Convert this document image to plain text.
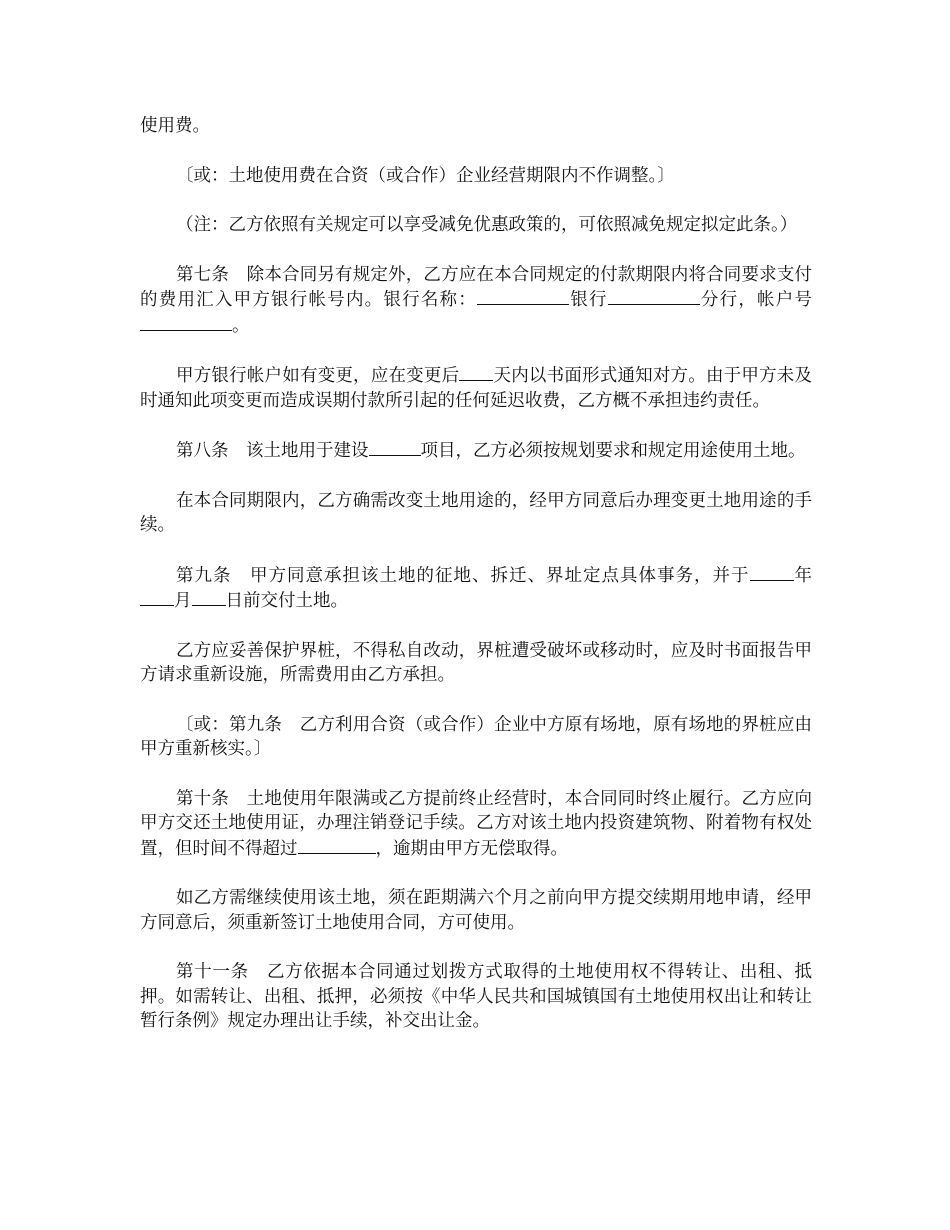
使用费。

〔或：土地使用费在合资（或合作）企业经营期限内不作调整。〕

（注：乙方依照有关规定可以享受减免优惠政策的，可依照减免规定拟定此条。）

第七条　除本合同另有规定外，乙方应在本合同规定的付款期限内将合同要求支付的费用汇入甲方银行帐号内。银行名称：	银行	分行，帐户号。

甲方银行帐户如有变更，应在变更后 天内以书面形式通知对方。由于甲方未及时通知此项变更而造成误期付款所引起的任何延迟收费，乙方概不承担违约责任。

第八条　该土地用于建设	项目，乙方必须按规划要求和规定用途使用土地。

在本合同期限内，乙方确需改变土地用途的，经甲方同意后办理变更土地用途的手续。

第九条　甲方同意承担该土地的征地、拆迁、界址定点具体事务，并于	年月 日前交付土地。

乙方应妥善保护界桩，不得私自改动，界桩遭受破坏或移动时，应及时书面报告甲方请求重新设施，所需费用由乙方承担。

〔或：第九条　乙方利用合资（或合作）企业中方原有场地，原有场地的界桩应由甲方重新核实。〕

第十条　土地使用年限满或乙方提前终止经营时，本合同同时终止履行。乙方应向甲方交还土地使用证，办理注销登记手续。乙方对该土地内投资建筑物、附着物有权处置，但时间不得超过	，逾期由甲方无偿取得。

如乙方需继续使用该土地，须在距期满六个月之前向甲方提交续期用地申请，经甲方同意后，须重新签订土地使用合同，方可使用。

第十一条　乙方依据本合同通过划拨方式取得的土地使用权不得转让、出租、抵押。如需转让、出租、抵押，必须按《中华人民共和国城镇国有土地使用权出让和转让暂行条例》规定办理出让手续，补交出让金。
